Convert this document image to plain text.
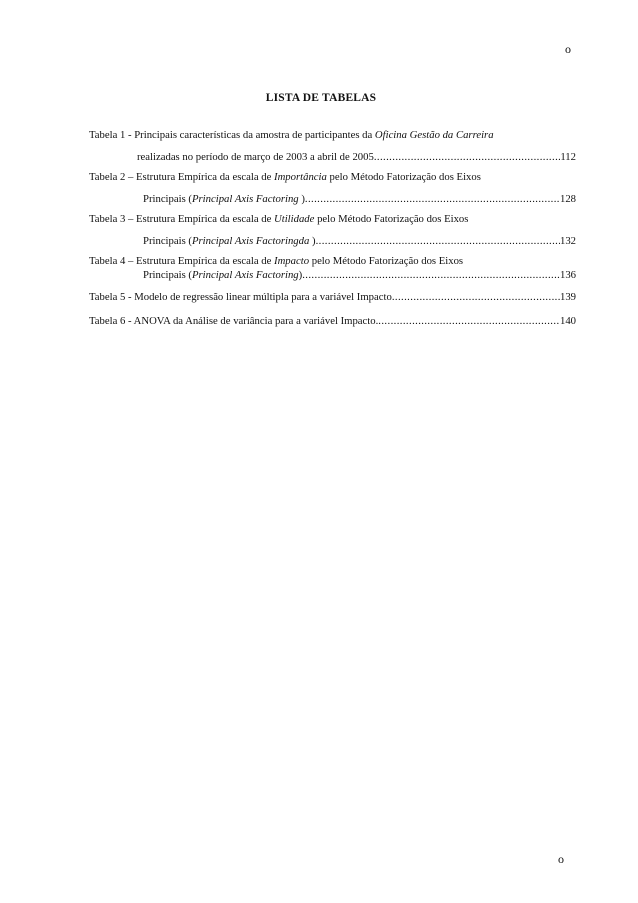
o
LISTA DE TABELAS
Tabela 1 - Principais características da amostra de participantes da Oficina Gestão da Carreira
realizadas no período de março de 2003 a abril de 2005 .....	112
Tabela 2 – Estrutura Empírica da escala de Importância pelo Método Fatorização dos Eixos
Principais (Principal Axis Factoring ) .....	128
Tabela 3 – Estrutura Empírica da escala de Utilidade pelo Método Fatorização dos Eixos
Principais (Principal Axis Factoringda ) .....	132
Tabela 4 – Estrutura Empírica da escala de Impacto pelo Método Fatorização dos Eixos
Principais (Principal Axis Factoring) .....	136
Tabela 5 - Modelo de regressão linear múltipla para a variável Impacto .....	139
Tabela 6 - ANOVA da Análise de variância para a variável Impacto. .....	140
o
